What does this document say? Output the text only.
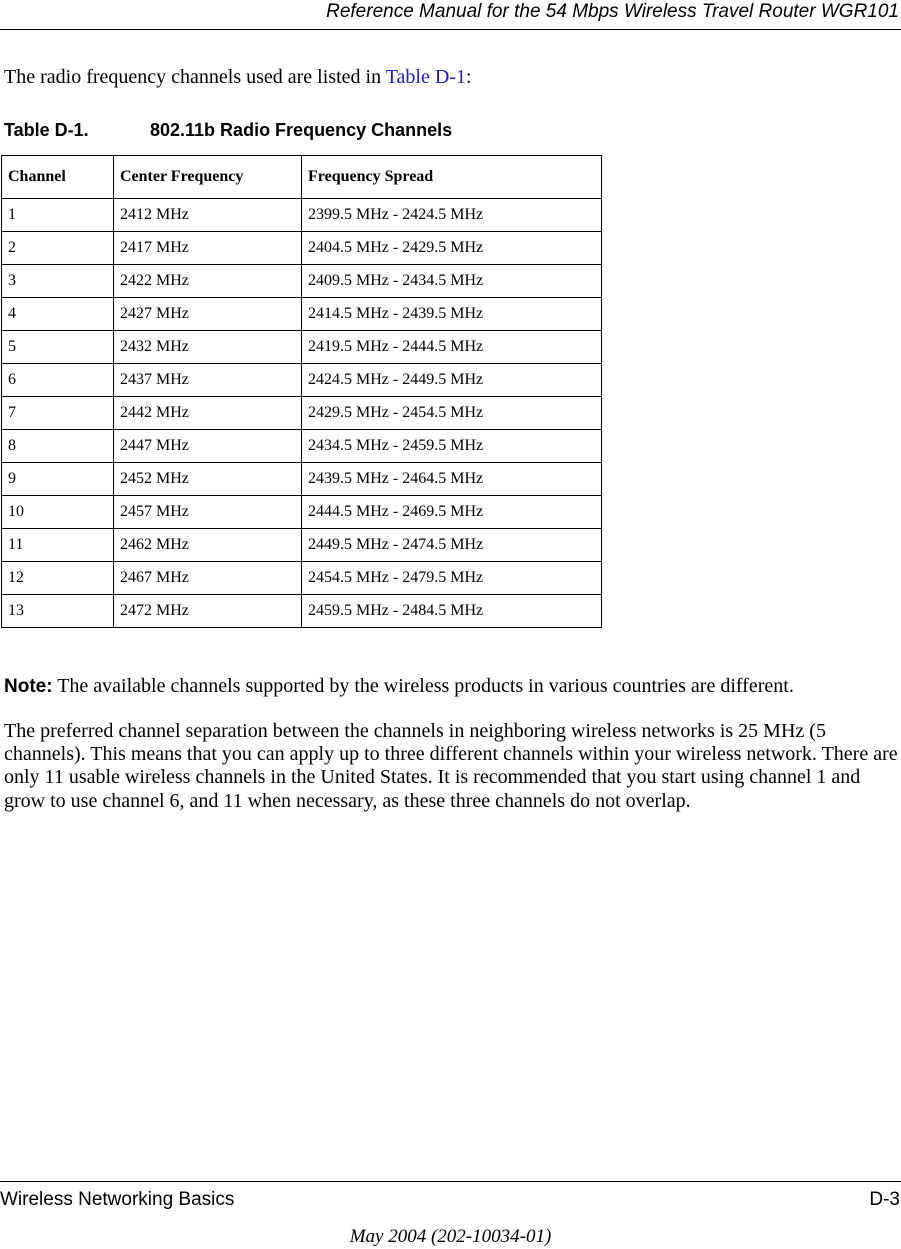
Reference Manual for the 54 Mbps Wireless Travel Router WGR101
The radio frequency channels used are listed in Table D-1:
Table D-1.	802.11b Radio Frequency Channels
Channel	Center Frequency	Frequency Spread
1	2412 MHz	2399.5 MHz - 2424.5 MHz
2	2417 MHz	2404.5 MHz - 2429.5 MHz
3	2422 MHz	2409.5 MHz - 2434.5 MHz
4	2427 MHz	2414.5 MHz - 2439.5 MHz
5	2432 MHz	2419.5 MHz - 2444.5 MHz
6	2437 MHz	2424.5 MHz - 2449.5 MHz
7	2442 MHz	2429.5 MHz - 2454.5 MHz
8	2447 MHz	2434.5 MHz - 2459.5 MHz
9	2452 MHz	2439.5 MHz - 2464.5 MHz
10	2457 MHz	2444.5 MHz - 2469.5 MHz
11	2462 MHz	2449.5 MHz - 2474.5 MHz
12	2467 MHz	2454.5 MHz - 2479.5 MHz
13	2472 MHz	2459.5 MHz - 2484.5 MHz
Note: The available channels supported by the wireless products in various countries are different.
The preferred channel separation between the channels in neighboring wireless networks is 25 MHz (5 channels). This means that you can apply up to three different channels within your wireless network. There are only 11 usable wireless channels in the United States. It is recommended that you start using channel 1 and grow to use channel 6, and 11 when necessary, as these three channels do not overlap.
Wireless Networking Basics	D-3
May 2004 (202-10034-01)
